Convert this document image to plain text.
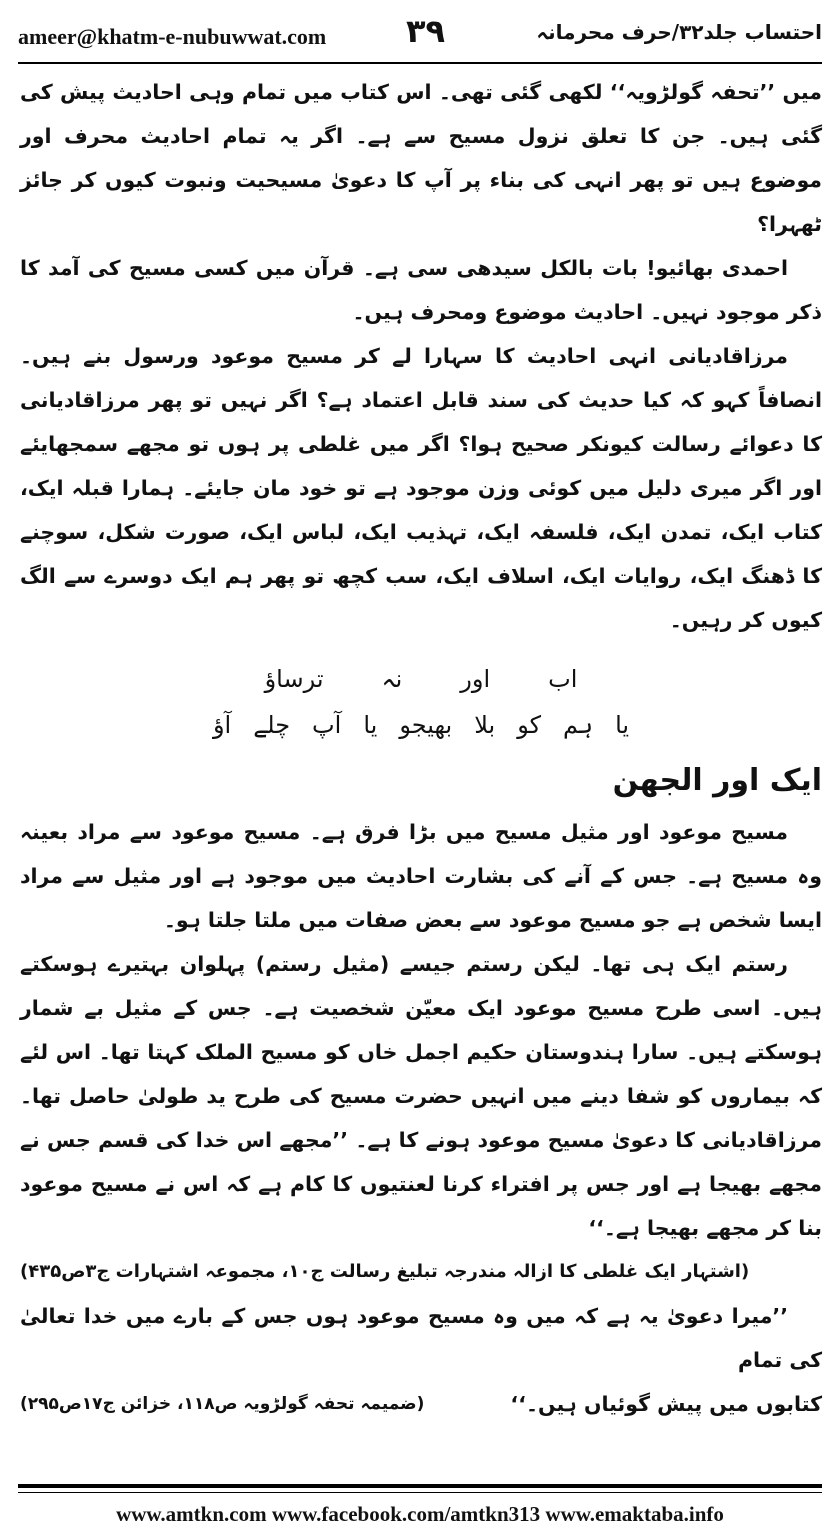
ameer@khatm-e-nubuwwat.com ۳۹	احتساب جلد۳۲/حرف محرمانہ

میں ’’تحفہ گولڑویہ‘‘ لکھی گئی تھی۔ اس کتاب میں تمام وہی احادیث پیش کی گئی ہیں۔ جن کا تعلق نزول مسیح سے ہے۔ اگر یہ تمام احادیث محرف اور موضوع ہیں تو پھر انہی کی بناء پر آپ کا دعویٰ مسیحیت ونبوت کیوں کر جائز ٹھہرا؟

احمدی بھائیو! بات بالکل سیدھی سی ہے۔ قرآن میں کسی مسیح کی آمد کا ذکر موجود نہیں۔ احادیث موضوع ومحرف ہیں۔

مرزاقادیانی انہی احادیث کا سہارا لے کر مسیح موعود ورسول بنے ہیں۔ انصافاً کہو کہ کیا حدیث کی سند قابل اعتماد ہے؟ اگر نہیں تو پھر مرزاقادیانی کا دعوائے رسالت کیونکر صحیح ہوا؟ اگر میں غلطی پر ہوں تو مجھے سمجھایئے اور اگر میری دلیل میں کوئی وزن موجود ہے تو خود مان جایئے۔ ہمارا قبلہ ایک، کتاب ایک، تمدن ایک، فلسفہ ایک، تہذیب ایک، لباس ایک، صورت شکل، سوچنے کا ڈھنگ ایک، روایات ایک، اسلاف ایک، سب کچھ تو پھر ہم ایک دوسرے سے الگ کیوں کر رہیں۔

اب
اور
نہ
ترساؤ
یا
ہم
کو
بلا
بھیجو
یا
آپ
چلے
آؤ

ایک اور الجھن

مسیح موعود اور مثیل مسیح میں بڑا فرق ہے۔ مسیح موعود سے مراد بعینہ وہ مسیح ہے۔ جس کے آنے کی بشارت احادیث میں موجود ہے اور مثیل سے مراد ایسا شخص ہے جو مسیح موعود سے بعض صفات میں ملتا جلتا ہو۔

رستم ایک ہی تھا۔ لیکن رستم جیسے (مثیل رستم) پہلوان بہتیرے ہوسکتے ہیں۔ اسی طرح مسیح موعود ایک معیّن شخصیت ہے۔ جس کے مثیل بے شمار ہوسکتے ہیں۔ سارا ہندوستان حکیم اجمل خاں کو مسیح الملک کہتا تھا۔ اس لئے کہ بیماروں کو شفا دینے میں انہیں حضرت مسیح کی طرح ید طولیٰ حاصل تھا۔ مرزاقادیانی کا دعویٰ مسیح موعود ہونے کا ہے۔ ’’مجھے اس خدا کی قسم جس نے مجھے بھیجا ہے اور جس پر افتراء کرنا لعنتیوں کا کام ہے کہ اس نے مسیح موعود بنا کر مجھے بھیجا ہے۔‘‘

(اشتہار ایک غلطی کا ازالہ مندرجہ تبلیغ رسالت ج۱۰، مجموعہ اشتہارات ج۳ص۴۳۵)

’’میرا دعویٰ یہ ہے کہ میں وہ مسیح موعود ہوں جس کے بارے میں خدا تعالیٰ کی تمام

کتابوں میں پیش گوئیاں ہیں۔‘‘
(ضمیمہ تحفہ گولڑویہ ص۱۱۸، خزائن ج۱۷ص۲۹۵)
www.amtkn.com www.facebook.com/amtkn313 www.emaktaba.info
